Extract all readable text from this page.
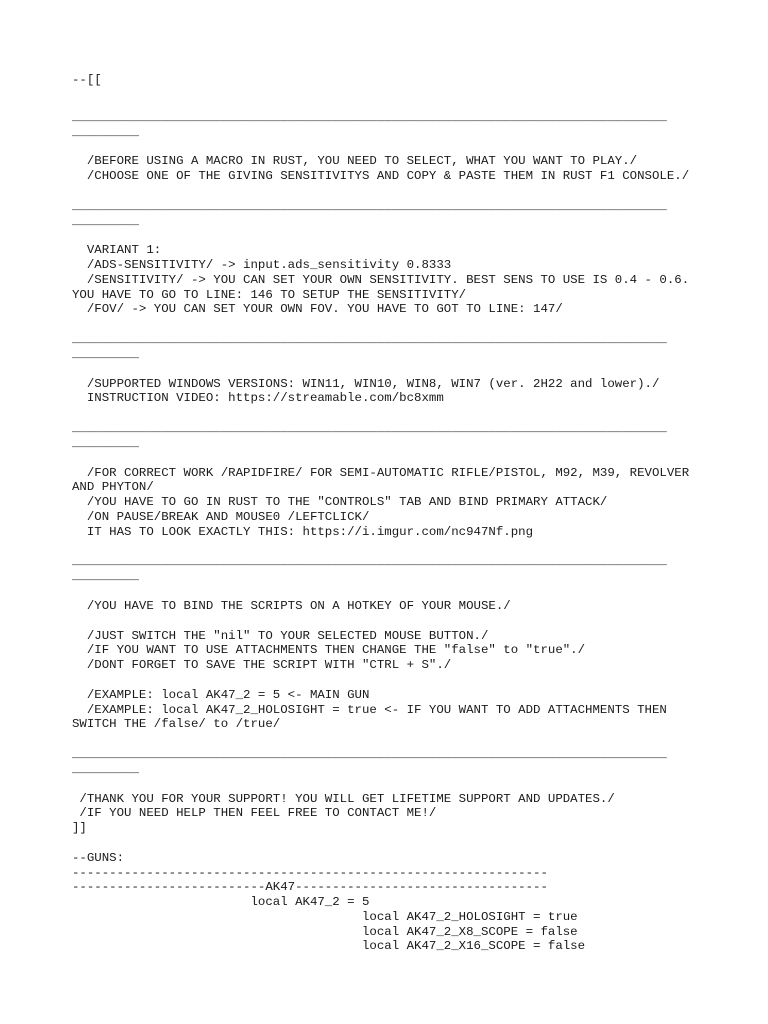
--[[
________________________________________________________________________________
_________
/BEFORE USING A MACRO IN RUST, YOU NEED TO SELECT, WHAT YOU WANT TO PLAY./
/CHOOSE ONE OF THE GIVING SENSITIVITYS AND COPY & PASTE THEM IN RUST F1 CONSOLE./
________________________________________________________________________________
_________
VARIANT 1:
/ADS-SENSITIVITY/ -> input.ads_sensitivity 0.8333
/SENSITIVITY/ -> YOU CAN SET YOUR OWN SENSITIVITY. BEST SENS TO USE IS 0.4 - 0.6.
YOU HAVE TO GO TO LINE: 146 TO SETUP THE SENSITIVITY/
/FOV/ -> YOU CAN SET YOUR OWN FOV. YOU HAVE TO GOT TO LINE: 147/
________________________________________________________________________________
_________
/SUPPORTED WINDOWS VERSIONS: WIN11, WIN10, WIN8, WIN7 (ver. 2H22 and lower)./
INSTRUCTION VIDEO: https://streamable.com/bc8xmm
________________________________________________________________________________
_________
/FOR CORRECT WORK /RAPIDFIRE/ FOR SEMI-AUTOMATIC RIFLE/PISTOL, M92, M39, REVOLVER
AND PHYTON/
/YOU HAVE TO GO IN RUST TO THE "CONTROLS" TAB AND BIND PRIMARY ATTACK/
/ON PAUSE/BREAK AND MOUSE0 /LEFTCLICK/
IT HAS TO LOOK EXACTLY THIS: https://i.imgur.com/nc947Nf.png
________________________________________________________________________________
_________
/YOU HAVE TO BIND THE SCRIPTS ON A HOTKEY OF YOUR MOUSE./
/JUST SWITCH THE "nil" TO YOUR SELECTED MOUSE BUTTON./
/IF YOU WANT TO USE ATTACHMENTS THEN CHANGE THE "false" to "true"./
/DONT FORGET TO SAVE THE SCRIPT WITH "CTRL + S"./
/EXAMPLE: local AK47_2 = 5 <- MAIN GUN
/EXAMPLE: local AK47_2_HOLOSIGHT = true <- IF YOU WANT TO ADD ATTACHMENTS THEN
SWITCH THE /false/ to /true/
________________________________________________________________________________
_________
/THANK YOU FOR YOUR SUPPORT! YOU WILL GET LIFETIME SUPPORT AND UPDATES./
/IF YOU NEED HELP THEN FEEL FREE TO CONTACT ME!/
]]
--GUNS:
----------------------------------------------------------------
--------------------------AK47----------------------------------
local AK47_2 = 5
local AK47_2_HOLOSIGHT = true
local AK47_2_X8_SCOPE = false
local AK47_2_X16_SCOPE = false
